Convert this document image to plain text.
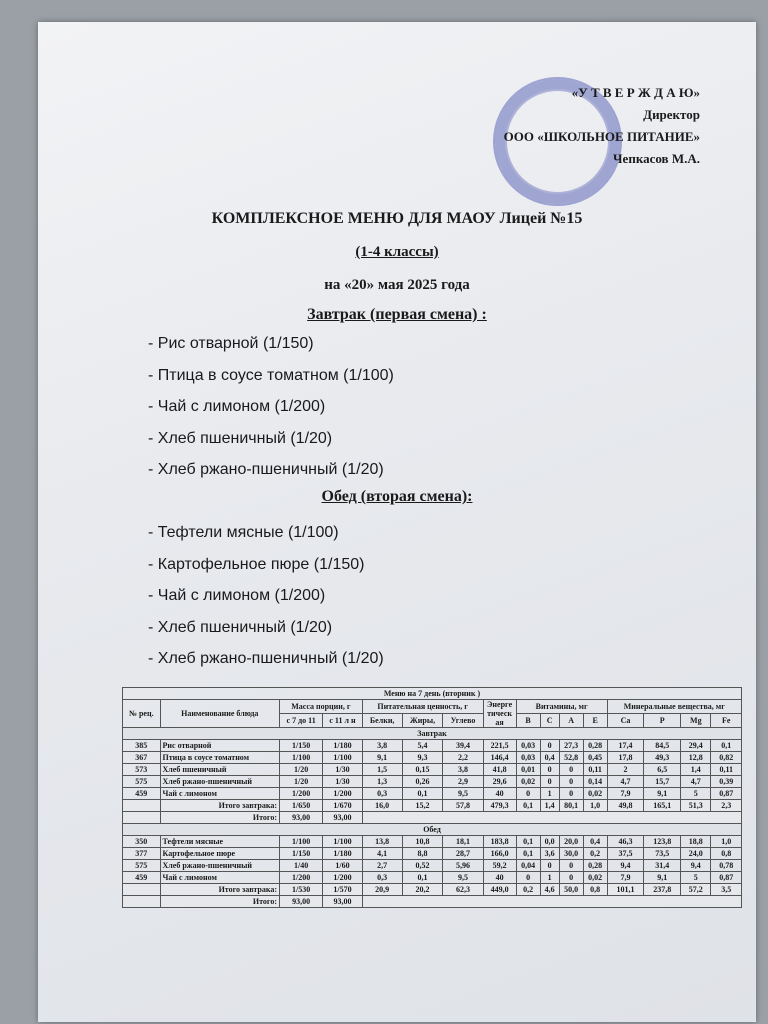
«У Т В Е Р Ж Д А Ю»
Директор
ООО «ШКОЛЬНОЕ ПИТАНИЕ»
Чепкасов М.А.
КОМПЛЕКСНОЕ МЕНЮ ДЛЯ МАОУ Лицей №15
(1-4 классы)
на «20» мая 2025 года
Завтрак (первая смена) :
- Рис отварной (1/150)
- Птица в соусе томатном (1/100)
- Чай с лимоном (1/200)
- Хлеб пшеничный (1/20)
- Хлеб ржано-пшеничный (1/20)
Обед (вторая смена):
- Тефтели мясные (1/100)
- Картофельное пюре (1/150)
- Чай с лимоном (1/200)
- Хлеб пшеничный (1/20)
- Хлеб ржано-пшеничный (1/20)
Меню на 7 день (вторник )															
№ рец.	Наименование блюда	Масса порции, г		Питательная ценность, г			Энерге тическ ая	Витамины, мг				Минеральные вещества, мг			
		с 7 до 11	с 11 л н	Белки,	Жиры,	Углево		B	C	A	E	Ca	P	Mg	Fe
Завтрак															
385	Рис отварной	1/150	1/180	3,8	5,4	39,4	221,5	0,03	0	27,3	0,28	17,4	84,5	29,4	0,1
367	Птица в соусе томатном	1/100	1/100	9,1	9,3	2,2	146,4	0,03	0,4	52,8	0,45	17,8	49,3	12,8	0,82
573	Хлеб пшеничный	1/20	1/30	1,5	0,15	3,8	41,8	0,01	0	0	0,11	2	6,5	1,4	0,11
575	Хлеб ржано-пшеничный	1/20	1/30	1,3	0,26	2,9	29,6	0,02	0	0	0,14	4,7	15,7	4,7	0,39
459	Чай с лимоном	1/200	1/200	0,3	0,1	9,5	40	0	1	0	0,02	7,9	9,1	5	0,87
	Итого завтрака:	1/650	1/670	16,0	15,2	57,8	479,3	0,1	1,4	80,1	1,0	49,8	165,1	51,3	2,3
	Итого:	93,00	93,00												
Обед															
350	Тефтели мясные	1/100	1/100	13,8	10,8	18,1	183,8	0,1	0,0	20,0	0,4	46,3	123,8	18,8	1,0
377	Картофельное пюре	1/150	1/180	4,1	8,8	28,7	166,0	0,1	3,6	30,0	0,2	37,5	73,5	24,0	0,8
575	Хлеб ржано-пшеничный	1/40	1/60	2,7	0,52	5,96	59,2	0,04	0	0	0,28	9,4	31,4	9,4	0,78
459	Чай с лимоном	1/200	1/200	0,3	0,1	9,5	40	0	1	0	0,02	7,9	9,1	5	0,87
	Итого завтрака:	1/530	1/570	20,9	20,2	62,3	449,0	0,2	4,6	50,0	0,8	101,1	237,8	57,2	3,5
	Итого:	93,00	93,00												
